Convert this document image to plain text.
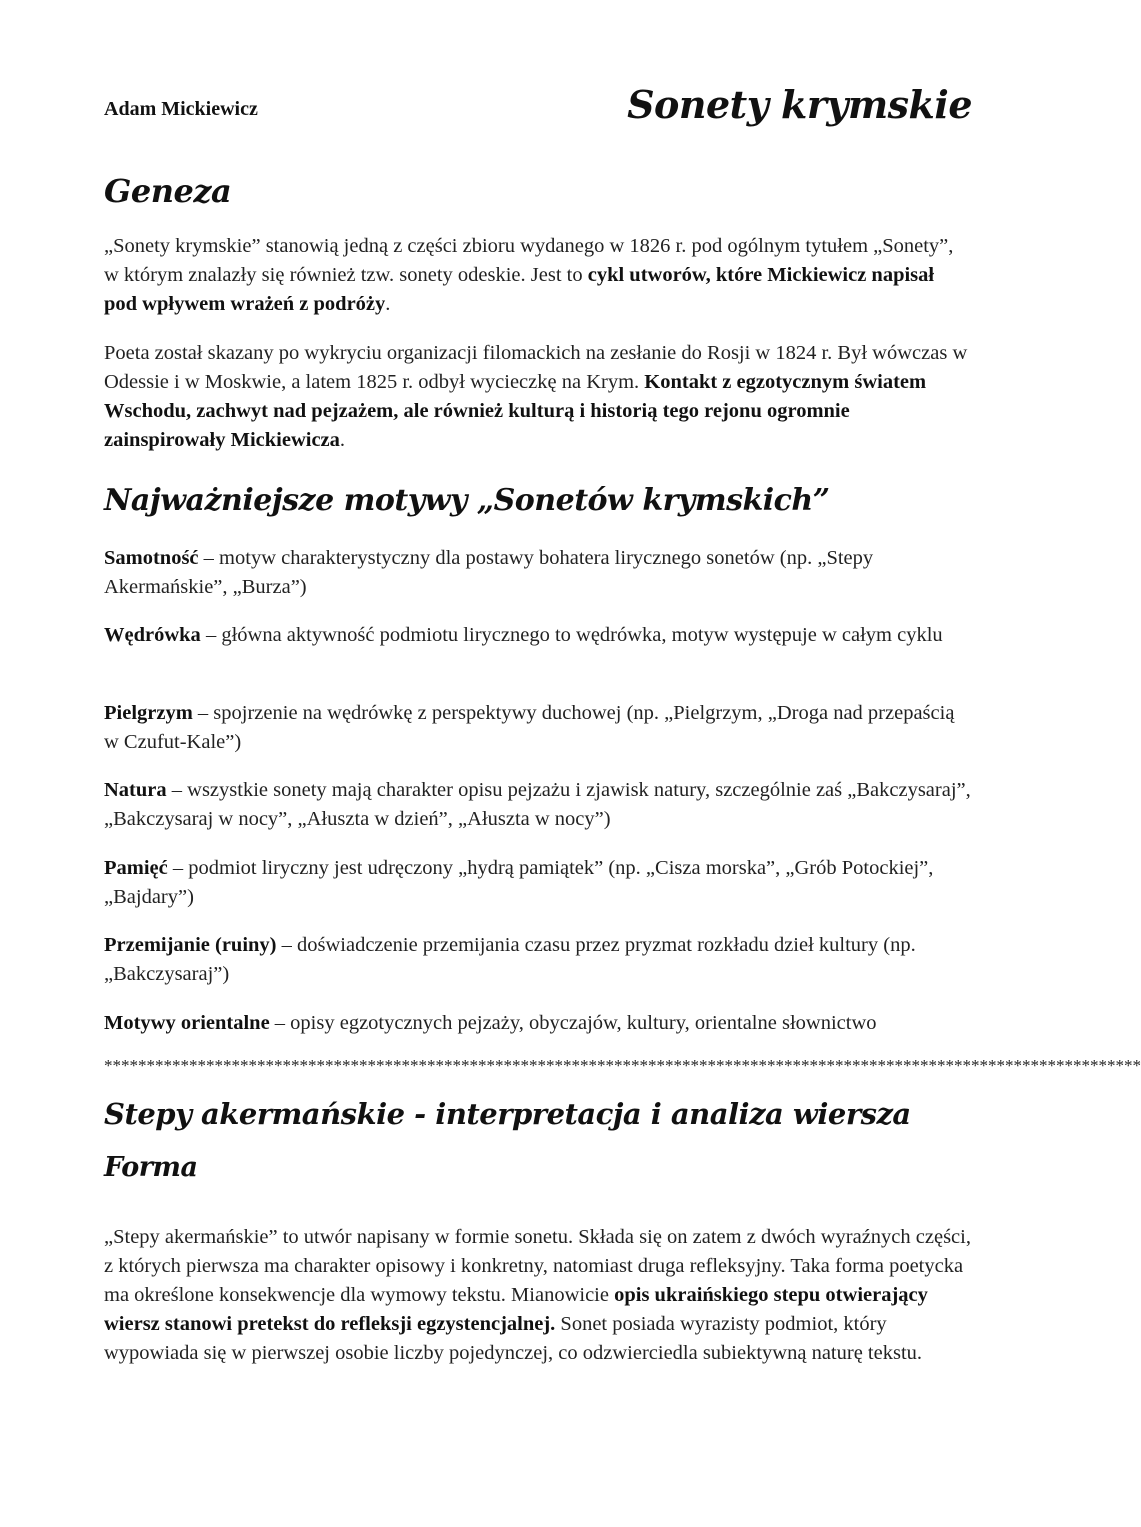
Adam Mickiewicz	Sonety krymskie
Geneza
„Sonety krymskie” stanowią jedną z części zbioru wydanego w 1826 r. pod ogólnym tytułem „Sonety”, w którym znalazły się również tzw. sonety odeskie. Jest to cykl utworów, które Mickiewicz napisał pod wpływem wrażeń z podróży.
Poeta został skazany po wykryciu organizacji filomackich na zesłanie do Rosji w 1824 r. Był wówczas w Odessie i w Moskwie, a latem 1825 r. odbył wycieczkę na Krym. Kontakt z egzotycznym światem Wschodu, zachwyt nad pejzażem, ale również kulturą i historią tego rejonu ogromnie zainspirowały Mickiewicza.
Najważniejsze motywy „Sonetów krymskich”
Samotność – motyw charakterystyczny dla postawy bohatera lirycznego sonetów (np. „Stepy Akermańskie”, „Burza”)
Wędrówka – główna aktywność podmiotu lirycznego to wędrówka, motyw występuje w całym cyklu
Pielgrzym – spojrzenie na wędrówkę z perspektywy duchowej (np. „Pielgrzym, „Droga nad przepaścią w Czufut-Kale”)
Natura – wszystkie sonety mają charakter opisu pejzażu i zjawisk natury, szczególnie zaś „Bakczysaraj”, „Bakczysaraj w nocy”, „Ałuszta w dzień”, „Ałuszta w nocy”)
Pamięć – podmiot liryczny jest udręczony „hydrą pamiątek” (np. „Cisza morska”, „Grób Potockiej”, „Bajdary”)
Przemijanie (ruiny) – doświadczenie przemijania czasu przez pryzmat rozkładu dzieł kultury (np. „Bakczysaraj”)
Motywy orientalne – opisy egzotycznych pejzaży, obyczajów, kultury, orientalne słownictwo
**************************************************************************************************************************
Stepy akermańskie - interpretacja i analiza wiersza
Forma
„Stepy akermańskie” to utwór napisany w formie sonetu. Składa się on zatem z dwóch wyraźnych części, z których pierwsza ma charakter opisowy i konkretny, natomiast druga refleksyjny. Taka forma poetycka ma określone konsekwencje dla wymowy tekstu. Mianowicie opis ukraińskiego stepu otwierający wiersz stanowi pretekst do refleksji egzystencjalnej. Sonet posiada wyrazisty podmiot, który wypowiada się w pierwszej osobie liczby pojedynczej, co odzwierciedla subiektywną naturę tekstu.
